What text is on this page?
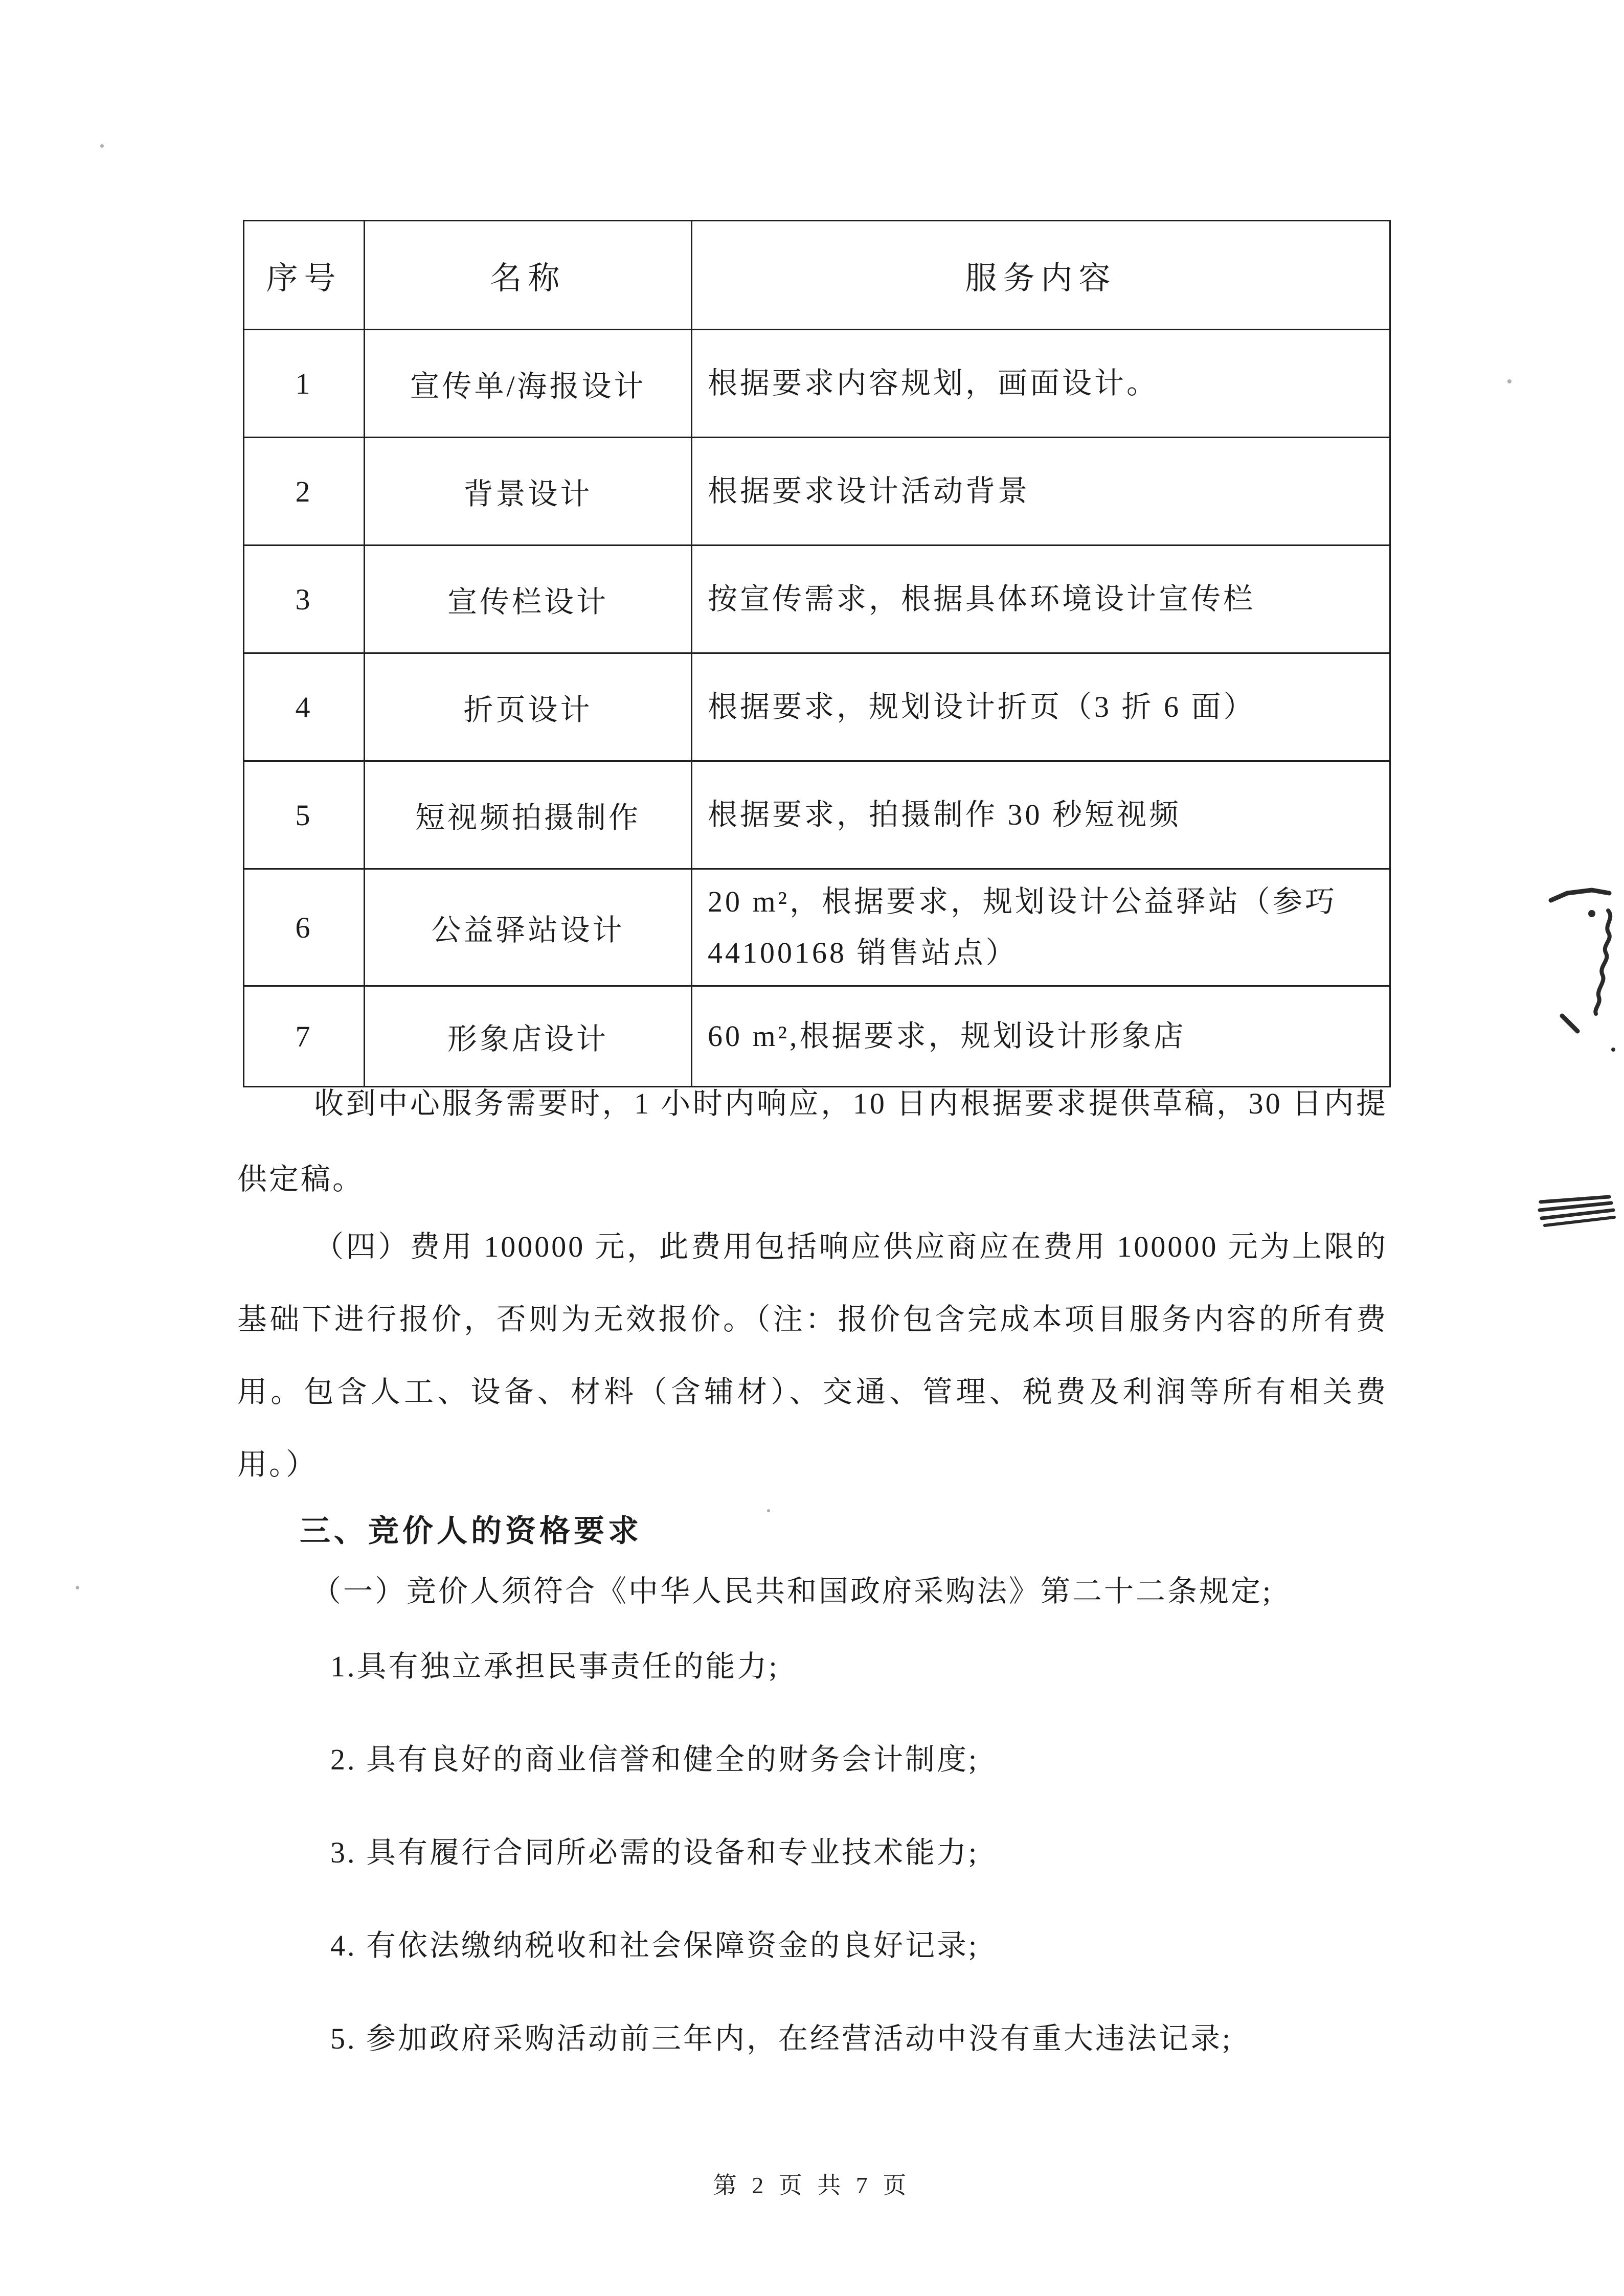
序号	名称	服务内容
1	宣传单/海报设计	根据要求内容规划，画面设计。
2	背景设计	根据要求设计活动背景
3	宣传栏设计	按宣传需求，根据具体环境设计宣传栏
4	折页设计	根据要求，规划设计折页（3 折 6 面）
5	短视频拍摄制作	根据要求，拍摄制作 30 秒短视频
6	公益驿站设计	20 m²，根据要求，规划设计公益驿站（参巧 44100168 销售站点）
7	形象店设计	60 m²,根据要求，规划设计形象店
收到中心服务需要时，1 小时内响应，10 日内根据要求提供草稿，30 日内提供定稿。
（四）费用 100000 元，此费用包括响应供应商应在费用 100000 元为上限的基础下进行报价，否则为无效报价。（注：报价包含完成本项目服务内容的所有费用。包含人工、设备、材料（含辅材）、交通、管理、税费及利润等所有相关费用。）
三、竞价人的资格要求
（一）竞价人须符合《中华人民共和国政府采购法》第二十二条规定;
1.具有独立承担民事责任的能力;
2. 具有良好的商业信誉和健全的财务会计制度;
3. 具有履行合同所必需的设备和专业技术能力;
4. 有依法缴纳税收和社会保障资金的良好记录;
5. 参加政府采购活动前三年内，在经营活动中没有重大违法记录;
第 2 页 共 7 页
